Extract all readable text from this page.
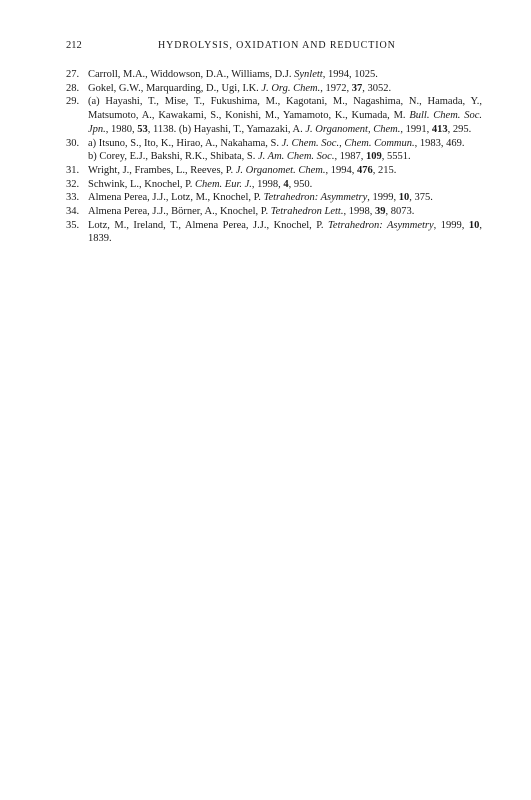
212	HYDROLYSIS, OXIDATION AND REDUCTION
27. Carroll, M.A., Widdowson, D.A., Williams, D.J. Synlett, 1994, 1025.
28. Gokel, G.W., Marquarding, D., Ugi, I.K. J. Org. Chem., 1972, 37, 3052.
29. (a) Hayashi, T., Mise, T., Fukushima, M., Kagotani, M., Nagashima, N., Hamada, Y., Matsumoto, A., Kawakami, S., Konishi, M., Yamamoto, K., Kumada, M. Bull. Chem. Soc. Jpn., 1980, 53, 1138. (b) Hayashi, T., Yamazaki, A. J. Organoment, Chem., 1991, 413, 295.
30. a) Itsuno, S., Ito, K., Hirao, A., Nakahama, S. J. Chem. Soc., Chem. Commun., 1983, 469.
b) Corey, E.J., Bakshi, R.K., Shibata, S. J. Am. Chem. Soc., 1987, 109, 5551.
31. Wright, J., Frambes, L., Reeves, P. J. Organomet. Chem., 1994, 476, 215.
32. Schwink, L., Knochel, P. Chem. Eur. J., 1998, 4, 950.
33. Almena Perea, J.J., Lotz, M., Knochel, P. Tetrahedron: Asymmetry, 1999, 10, 375.
34. Almena Perea, J.J., Börner, A., Knochel, P. Tetrahedron Lett., 1998, 39, 8073.
35. Lotz, M., Ireland, T., Almena Perea, J.J., Knochel, P. Tetrahedron: Asymmetry, 1999, 10, 1839.
